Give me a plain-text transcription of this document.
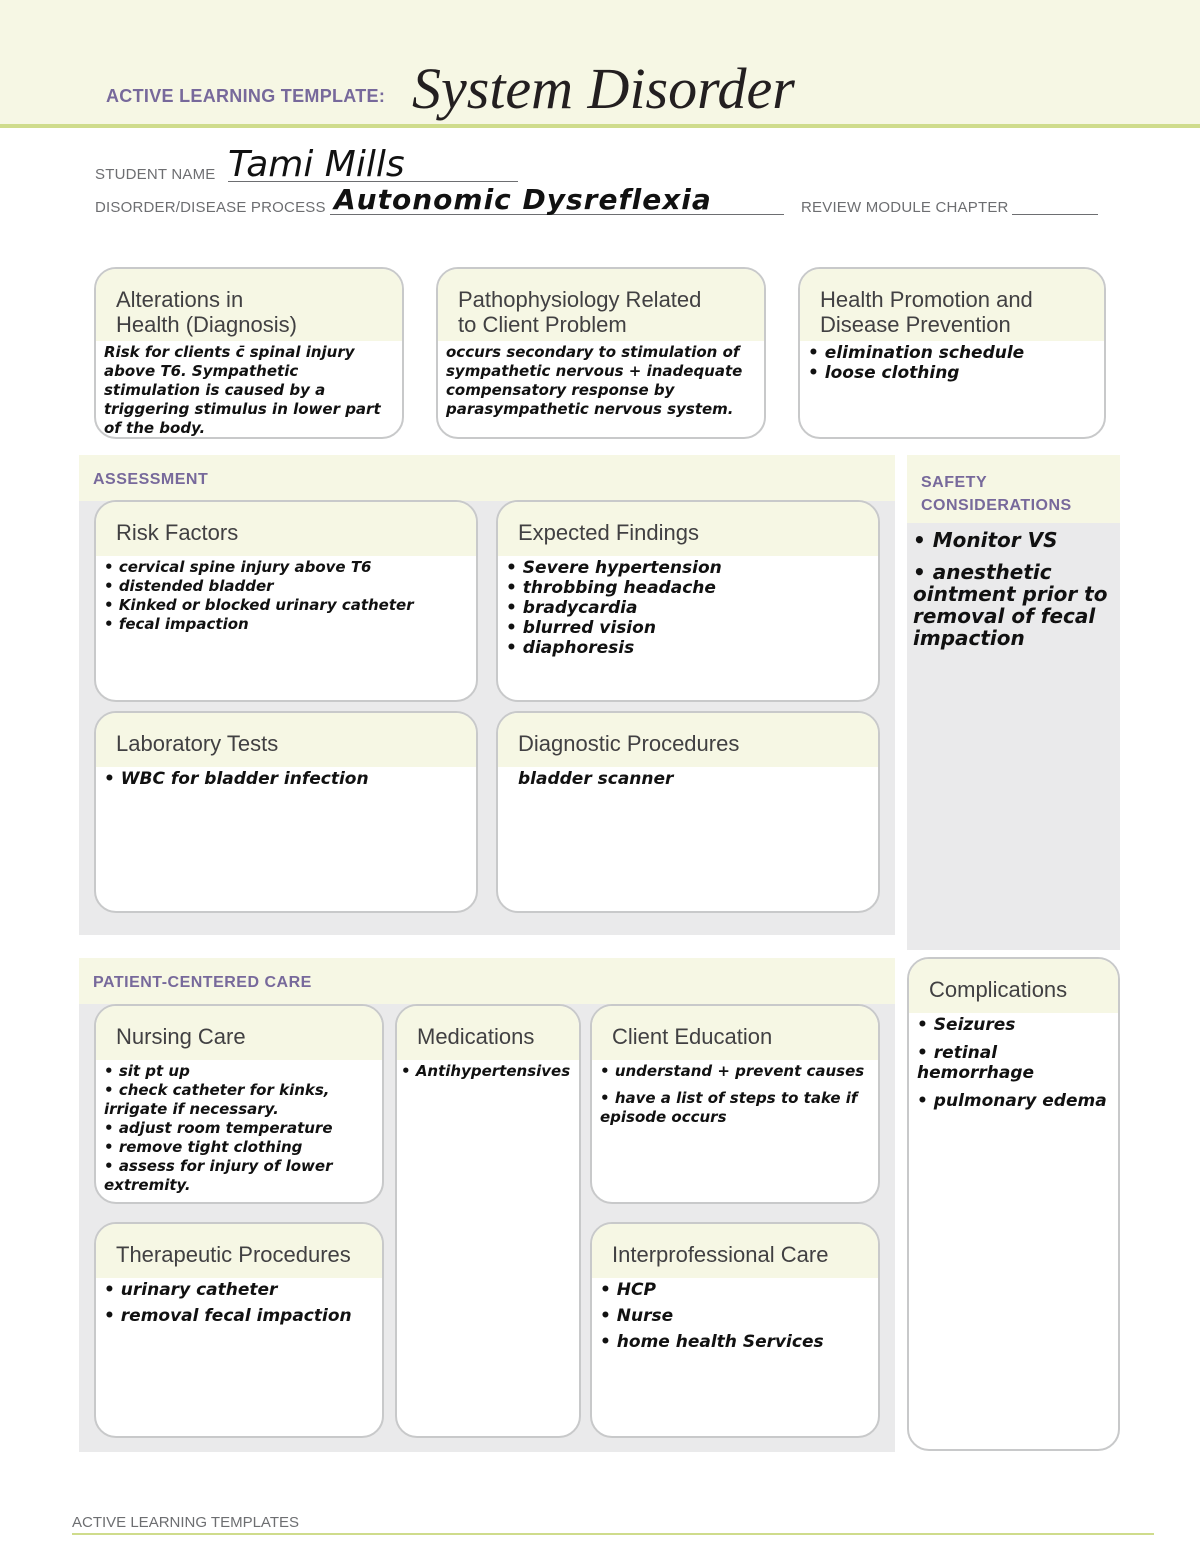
ACTIVE LEARNING TEMPLATE: System Disorder
STUDENT NAME Tami Mills
DISORDER/DISEASE PROCESS Autonomic Dysreflexia	REVIEW MODULE CHAPTER
Alterations in
Health (Diagnosis)

Risk for clients c̄ spinal injury above T6. Sympathetic stimulation is caused by a triggering stimulus in lower part of the body.

Pathophysiology Related
to Client Problem

occurs secondary to stimulation of sympathetic nervous + inadequate compensatory response by parasympathetic nervous system.

Health Promotion and
Disease Prevention
• elimination schedule
• loose clothing
ASSESSMENT
Risk Factors
• cervical spine injury above T6
• distended bladder
• Kinked or blocked urinary catheter
• fecal impaction
Expected Findings
• Severe hypertension
• throbbing headache
• bradycardia
• blurred vision
• diaphoresis
Laboratory Tests
• WBC for bladder infection
Diagnostic Procedures

bladder scanner

SAFETY
CONSIDERATIONS

• Monitor VS

• anesthetic ointment prior to removal of fecal impaction

PATIENT-CENTERED CARE
Nursing Care
• sit pt up
• check catheter for kinks, irrigate if necessary.
• adjust room temperature
• remove tight clothing
• assess for injury of lower extremity.
Medications
• Antihypertensives
Client Education
• understand + prevent causes
• have a list of steps to take if episode occurs
Therapeutic Procedures
• urinary catheter
• removal fecal impaction
Interprofessional Care
• HCP
• Nurse
• home health Services
Complications
• Seizures
• retinal hemorrhage
• pulmonary edema
ACTIVE LEARNING TEMPLATES
